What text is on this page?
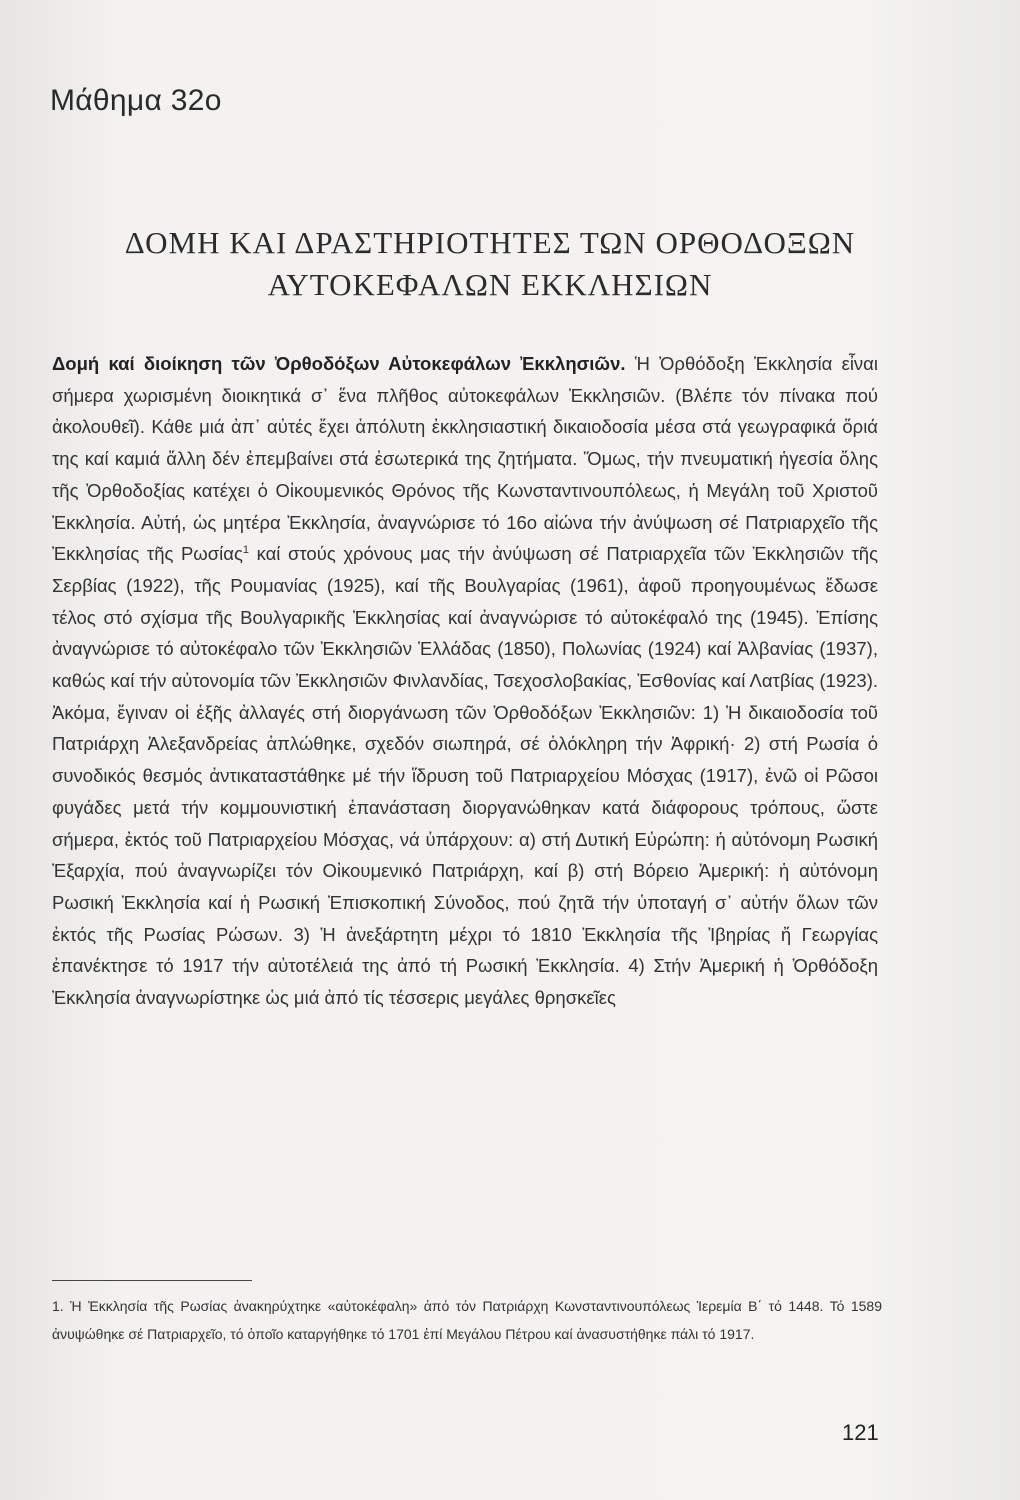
Μάθημα 32ο
ΔΟΜΗ ΚΑΙ ΔΡΑΣΤΗΡΙΟΤΗΤΕΣ ΤΩΝ ΟΡΘΟΔΟΞΩΝ
ΑΥΤΟΚΕΦΑΛΩΝ ΕΚΚΛΗΣΙΩΝ
Δομή καί διοίκηση τῶν Ὀρθοδόξων Αὐτοκεφάλων Ἐκκλησιῶν. Ἡ Ὀρθόδοξη Ἐκκλησία εἶναι σήμερα χωρισμένη διοικητικά σ᾿ ἕνα πλῆθος αὐτοκεφάλων Ἐκκλησιῶν. (Βλέπε τόν πίνακα πού ἀκολουθεῖ). Κάθε μιά ἀπ᾿ αὐτές ἔχει ἀπόλυτη ἐκκλησιαστική δικαιοδοσία μέσα στά γεωγραφικά ὅριά της καί καμιά ἄλλη δέν ἐπεμβαίνει στά ἐσωτερικά της ζητήματα. Ὅμως, τήν πνευματική ἡγεσία ὅλης τῆς Ὀρθοδοξίας κατέχει ὁ Οἰκουμενικός Θρόνος τῆς Κωνσταντινουπόλεως, ἡ Μεγάλη τοῦ Χριστοῦ Ἐκκλησία. Αὐτή, ὡς μητέρα Ἐκκλησία, ἀναγνώρισε τό 16ο αἰώνα τήν ἀνύψωση σέ Πατριαρχεῖο τῆς Ἐκκλησίας τῆς Ρωσίας$^1$ καί στούς χρόνους μας τήν ἀνύψωση σέ Πατριαρχεῖα τῶν Ἐκκλησιῶν τῆς Σερβίας (1922), τῆς Ρουμανίας (1925), καί τῆς Βουλγαρίας (1961), ἀφοῦ προηγουμένως ἔδωσε τέλος στό σχίσμα τῆς Βουλγαρικῆς Ἐκκλησίας καί ἀναγνώρισε τό αὐτοκέφαλό της (1945). Ἐπίσης ἀναγνώρισε τό αὐτοκέφαλο τῶν Ἐκκλησιῶν Ἑλλάδας (1850), Πολωνίας (1924) καί Ἀλβανίας (1937), καθώς καί τήν αὐτονομία τῶν Ἐκκλησιῶν Φινλανδίας, Τσεχοσλοβακίας, Ἐσθονίας καί Λατβίας (1923). Ἀκόμα, ἔγιναν οἱ ἑξῆς ἀλλαγές στή διοργάνωση τῶν Ὀρθοδόξων Ἐκκλησιῶν: 1) Ἡ δικαιοδοσία τοῦ Πατριάρχη Ἀλεξανδρείας ἁπλώθηκε, σχεδόν σιωπηρά, σέ ὁλόκληρη τήν Ἀφρική· 2) στή Ρωσία ὁ συνοδικός θεσμός ἀντικαταστάθηκε μέ τήν ἵδρυση τοῦ Πατριαρχείου Μόσχας (1917), ἐνῶ οἱ Ρῶσοι φυγάδες μετά τήν κομμουνιστική ἐπανάσταση διοργανώθηκαν κατά διάφορους τρόπους, ὥστε σήμερα, ἐκτός τοῦ Πατριαρχείου Μόσχας, νά ὑπάρχουν: α) στή Δυτική Εὐρώπη: ἡ αὐτόνομη Ρωσική Ἐξαρχία, πού ἀναγνωρίζει τόν Οἰκουμενικό Πατριάρχη, καί β) στή Βόρειο Ἀμερική: ἡ αὐτόνομη Ρωσική Ἐκκλησία καί ἡ Ρωσική Ἐπισκοπική Σύνοδος, πού ζητᾶ τήν ὑποταγή σ᾿ αὐτήν ὅλων τῶν ἐκτός τῆς Ρωσίας Ρώσων. 3) Ἡ ἀνεξάρτητη μέχρι τό 1810 Ἐκκλησία τῆς Ἰβηρίας ἤ Γεωργίας ἐπανέκτησε τό 1917 τήν αὐτοτέλειά της ἀπό τή Ρωσική Ἐκκλησία. 4) Στήν Ἀμερική ἡ Ὀρθόδοξη Ἐκκλησία ἀναγνωρίστηκε ὡς μιά ἀπό τίς τέσσερις μεγάλες θρησκεῖες
1. Ἡ Ἐκκλησία τῆς Ρωσίας ἀνακηρύχτηκε «αὐτοκέφαλη» ἀπό τόν Πατριάρχη Κωνσταντινουπόλεως Ἱερεμία Β΄ τό 1448. Τό 1589 ἀνυψώθηκε σέ Πατριαρχεῖο, τό ὁποῖο καταργήθηκε τό 1701 ἐπί Μεγάλου Πέτρου καί ἀνασυστήθηκε πάλι τό 1917.
121
